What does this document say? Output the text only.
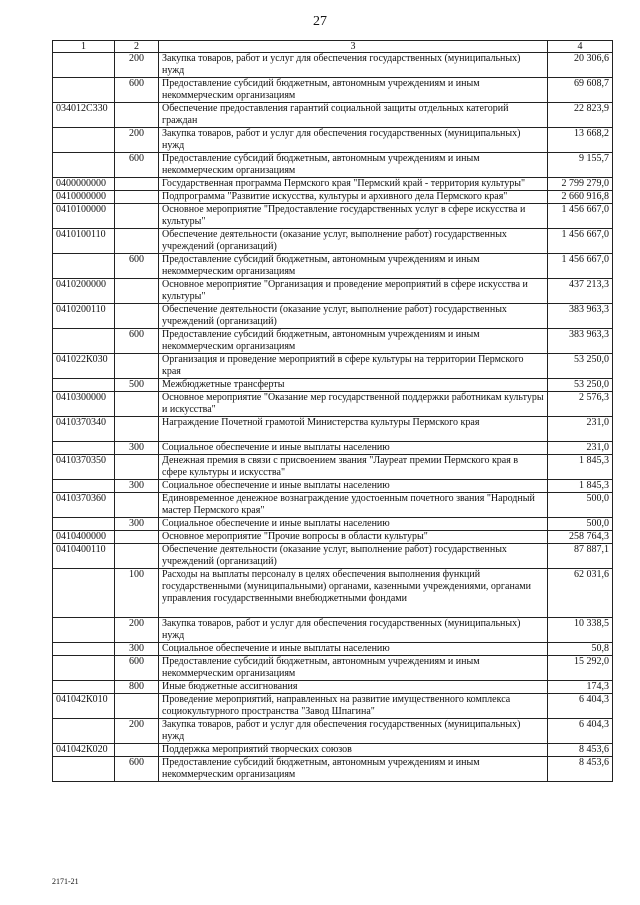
27
1	2	3	4
	200	Закупка товаров, работ и услуг для обеспечения государственных (муниципальных) нужд	20 306,6
	600	Предоставление субсидий бюджетным, автономным учреждениям и иным некоммерческим организациям	69 608,7
034012С330		Обеспечение предоставления гарантий социальной защиты отдельных категорий граждан	22 823,9
	200	Закупка товаров, работ и услуг для обеспечения государственных (муниципальных) нужд	13 668,2
	600	Предоставление субсидий бюджетным, автономным учреждениям и иным некоммерческим организациям	9 155,7
0400000000		Государственная программа Пермского края "Пермский край - территория культуры"	2 799 279,0
0410000000		Подпрограмма "Развитие искусства, культуры и архивного дела Пермского края"	2 660 916,8
0410100000		Основное мероприятие "Предоставление государственных услуг в сфере искусства и культуры"	1 456 667,0
0410100110		Обеспечение деятельности (оказание услуг, выполнение работ) государственных учреждений (организаций)	1 456 667,0
	600	Предоставление субсидий бюджетным, автономным учреждениям и иным некоммерческим организациям	1 456 667,0
0410200000		Основное мероприятие "Организация и проведение мероприятий в сфере искусства и культуры"	437 213,3
0410200110		Обеспечение деятельности (оказание услуг, выполнение работ) государственных учреждений (организаций)	383 963,3
	600	Предоставление субсидий бюджетным, автономным учреждениям и иным некоммерческим организациям	383 963,3
041022К030		Организация и проведение мероприятий в сфере культуры на территории Пермского края	53 250,0
	500	Межбюджетные трансферты	53 250,0
0410300000		Основное мероприятие "Оказание мер государственной поддержки работникам культуры и искусства"	2 576,3
0410370340		Награждение Почетной грамотой Министерства культуры Пермского края	231,0
	300	Социальное обеспечение и иные выплаты населению	231,0
0410370350		Денежная премия в связи с присвоением звания "Лауреат премии Пермского края в сфере культуры и искусства"	1 845,3
	300	Социальное обеспечение и иные выплаты населению	1 845,3
0410370360		Единовременное денежное вознаграждение удостоенным почетного звания "Народный мастер Пермского края"	500,0
	300	Социальное обеспечение и иные выплаты населению	500,0
0410400000		Основное мероприятие "Прочие вопросы в области культуры"	258 764,3
0410400110		Обеспечение деятельности (оказание услуг, выполнение работ) государственных учреждений (организаций)	87 887,1
	100	Расходы на выплаты персоналу в целях обеспечения выполнения функций государственными (муниципальными) органами, казенными учреждениями, органами управления государственными внебюджетными фондами	62 031,6
	200	Закупка товаров, работ и услуг для обеспечения государственных (муниципальных) нужд	10 338,5
	300	Социальное обеспечение и иные выплаты населению	50,8
	600	Предоставление субсидий бюджетным, автономным учреждениям и иным некоммерческим организациям	15 292,0
	800	Иные бюджетные ассигнования	174,3
041042К010		Проведение мероприятий, направленных на развитие имущественного комплекса социокультурного пространства "Завод Шпагина"	6 404,3
	200	Закупка товаров, работ и услуг для обеспечения государственных (муниципальных) нужд	6 404,3
041042К020		Поддержка мероприятий творческих союзов	8 453,6
	600	Предоставление субсидий бюджетным, автономным учреждениям и иным некоммерческим организациям	8 453,6
2171-21
